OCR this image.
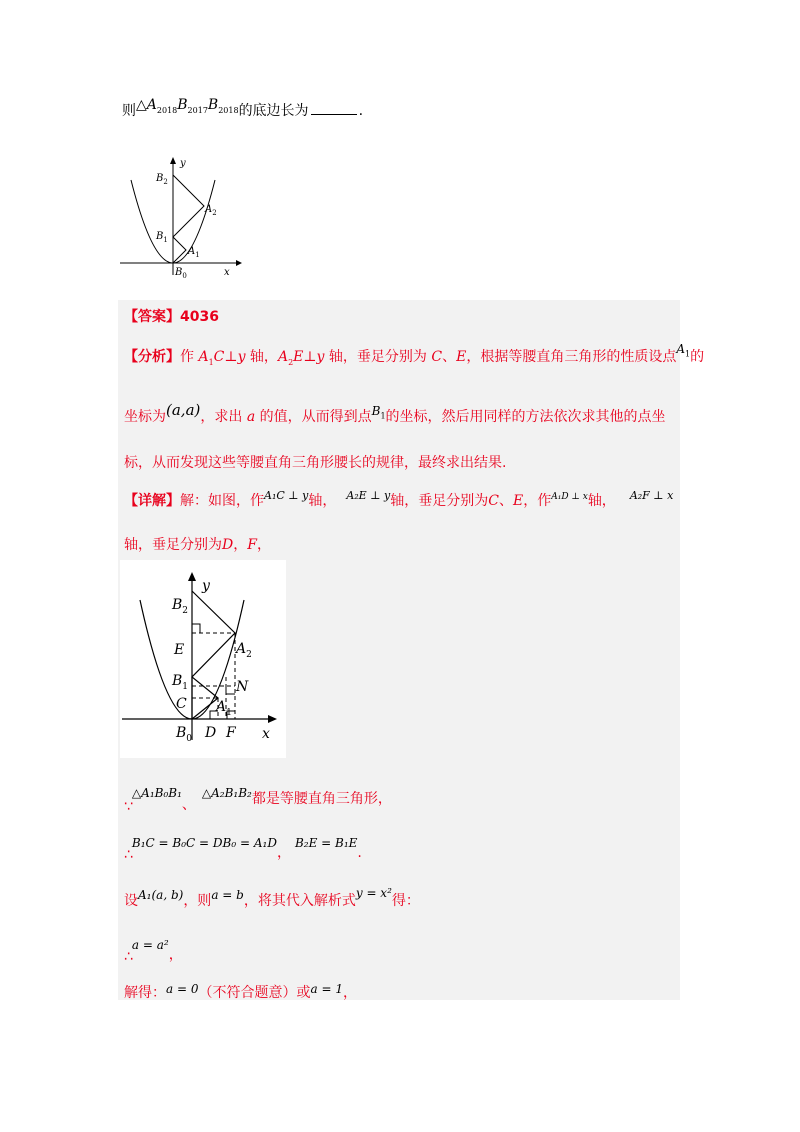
则$\triangle A_{2018}B_{2017}B_{2018}$的底边长为	.
y
x
$B_2$
$B_1$
$B_0$
$A_2$
$A_1$
【答案】4036
【分析】作 $A_1C\perp y$ 轴，$A_2E\perp y$ 轴，垂足分别为 C、E，根据等腰直角三角形的性质设点$A_1$的
坐标为(a,a)，求出 a 的值，从而得到点$B_1$的坐标，然后用同样的方法依次求其他的点坐
标，从而发现这些等腰直角三角形腰长的规律，最终求出结果.
【详解】解：如图，作$^{A_1C \perp y}$轴， $^{A_2E \perp y}$轴，垂足分别为C、E，作$^{A_1D \perp x}$轴， $^{A_2F \perp x}$
轴，垂足分别为D，F，
y
x
$B_2$
E	$A_2$
$B_1$	N
C $A_1$
$B_0$ D F
∵△A₁B₀B₁、△A₂B₁B₂都是等腰直角三角形，
∴B₁C = B₀C = DB₀ = A₁D，B₂E = B₁E.
设A₁(a, b)，则a = b，将其代入解析式y = x²得：
∴a = a²，
解得：a = 0（不符合题意）或a = 1，
